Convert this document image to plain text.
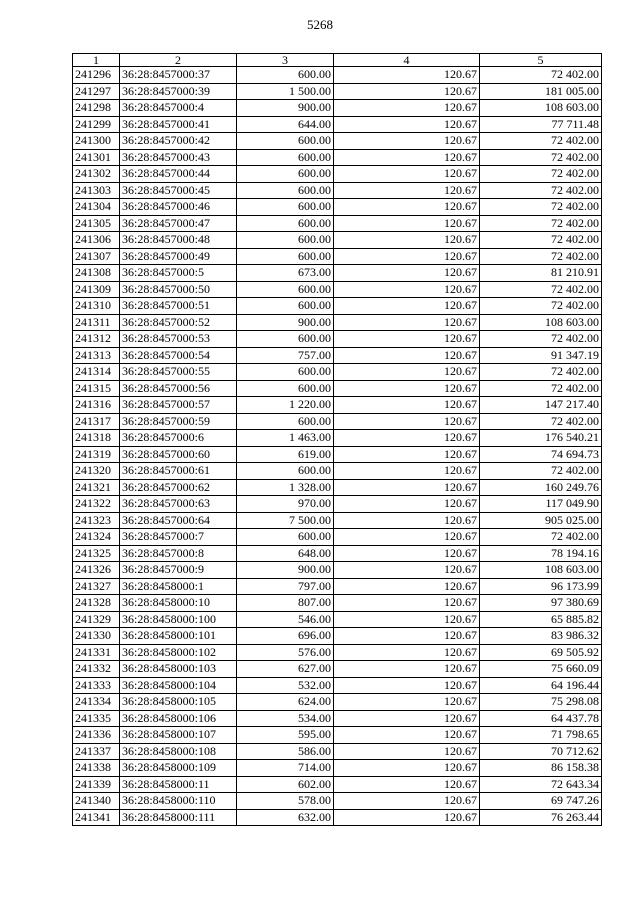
5268
1	2	3	4	5
241296	36:28:8457000:37	600.00	120.67	72 402.00
241297	36:28:8457000:39	1 500.00	120.67	181 005.00
241298	36:28:8457000:4	900.00	120.67	108 603.00
241299	36:28:8457000:41	644.00	120.67	77 711.48
241300	36:28:8457000:42	600.00	120.67	72 402.00
241301	36:28:8457000:43	600.00	120.67	72 402.00
241302	36:28:8457000:44	600.00	120.67	72 402.00
241303	36:28:8457000:45	600.00	120.67	72 402.00
241304	36:28:8457000:46	600.00	120.67	72 402.00
241305	36:28:8457000:47	600.00	120.67	72 402.00
241306	36:28:8457000:48	600.00	120.67	72 402.00
241307	36:28:8457000:49	600.00	120.67	72 402.00
241308	36:28:8457000:5	673.00	120.67	81 210.91
241309	36:28:8457000:50	600.00	120.67	72 402.00
241310	36:28:8457000:51	600.00	120.67	72 402.00
241311	36:28:8457000:52	900.00	120.67	108 603.00
241312	36:28:8457000:53	600.00	120.67	72 402.00
241313	36:28:8457000:54	757.00	120.67	91 347.19
241314	36:28:8457000:55	600.00	120.67	72 402.00
241315	36:28:8457000:56	600.00	120.67	72 402.00
241316	36:28:8457000:57	1 220.00	120.67	147 217.40
241317	36:28:8457000:59	600.00	120.67	72 402.00
241318	36:28:8457000:6	1 463.00	120.67	176 540.21
241319	36:28:8457000:60	619.00	120.67	74 694.73
241320	36:28:8457000:61	600.00	120.67	72 402.00
241321	36:28:8457000:62	1 328.00	120.67	160 249.76
241322	36:28:8457000:63	970.00	120.67	117 049.90
241323	36:28:8457000:64	7 500.00	120.67	905 025.00
241324	36:28:8457000:7	600.00	120.67	72 402.00
241325	36:28:8457000:8	648.00	120.67	78 194.16
241326	36:28:8457000:9	900.00	120.67	108 603.00
241327	36:28:8458000:1	797.00	120.67	96 173.99
241328	36:28:8458000:10	807.00	120.67	97 380.69
241329	36:28:8458000:100	546.00	120.67	65 885.82
241330	36:28:8458000:101	696.00	120.67	83 986.32
241331	36:28:8458000:102	576.00	120.67	69 505.92
241332	36:28:8458000:103	627.00	120.67	75 660.09
241333	36:28:8458000:104	532.00	120.67	64 196.44
241334	36:28:8458000:105	624.00	120.67	75 298.08
241335	36:28:8458000:106	534.00	120.67	64 437.78
241336	36:28:8458000:107	595.00	120.67	71 798.65
241337	36:28:8458000:108	586.00	120.67	70 712.62
241338	36:28:8458000:109	714.00	120.67	86 158.38
241339	36:28:8458000:11	602.00	120.67	72 643.34
241340	36:28:8458000:110	578.00	120.67	69 747.26
241341	36:28:8458000:111	632.00	120.67	76 263.44
